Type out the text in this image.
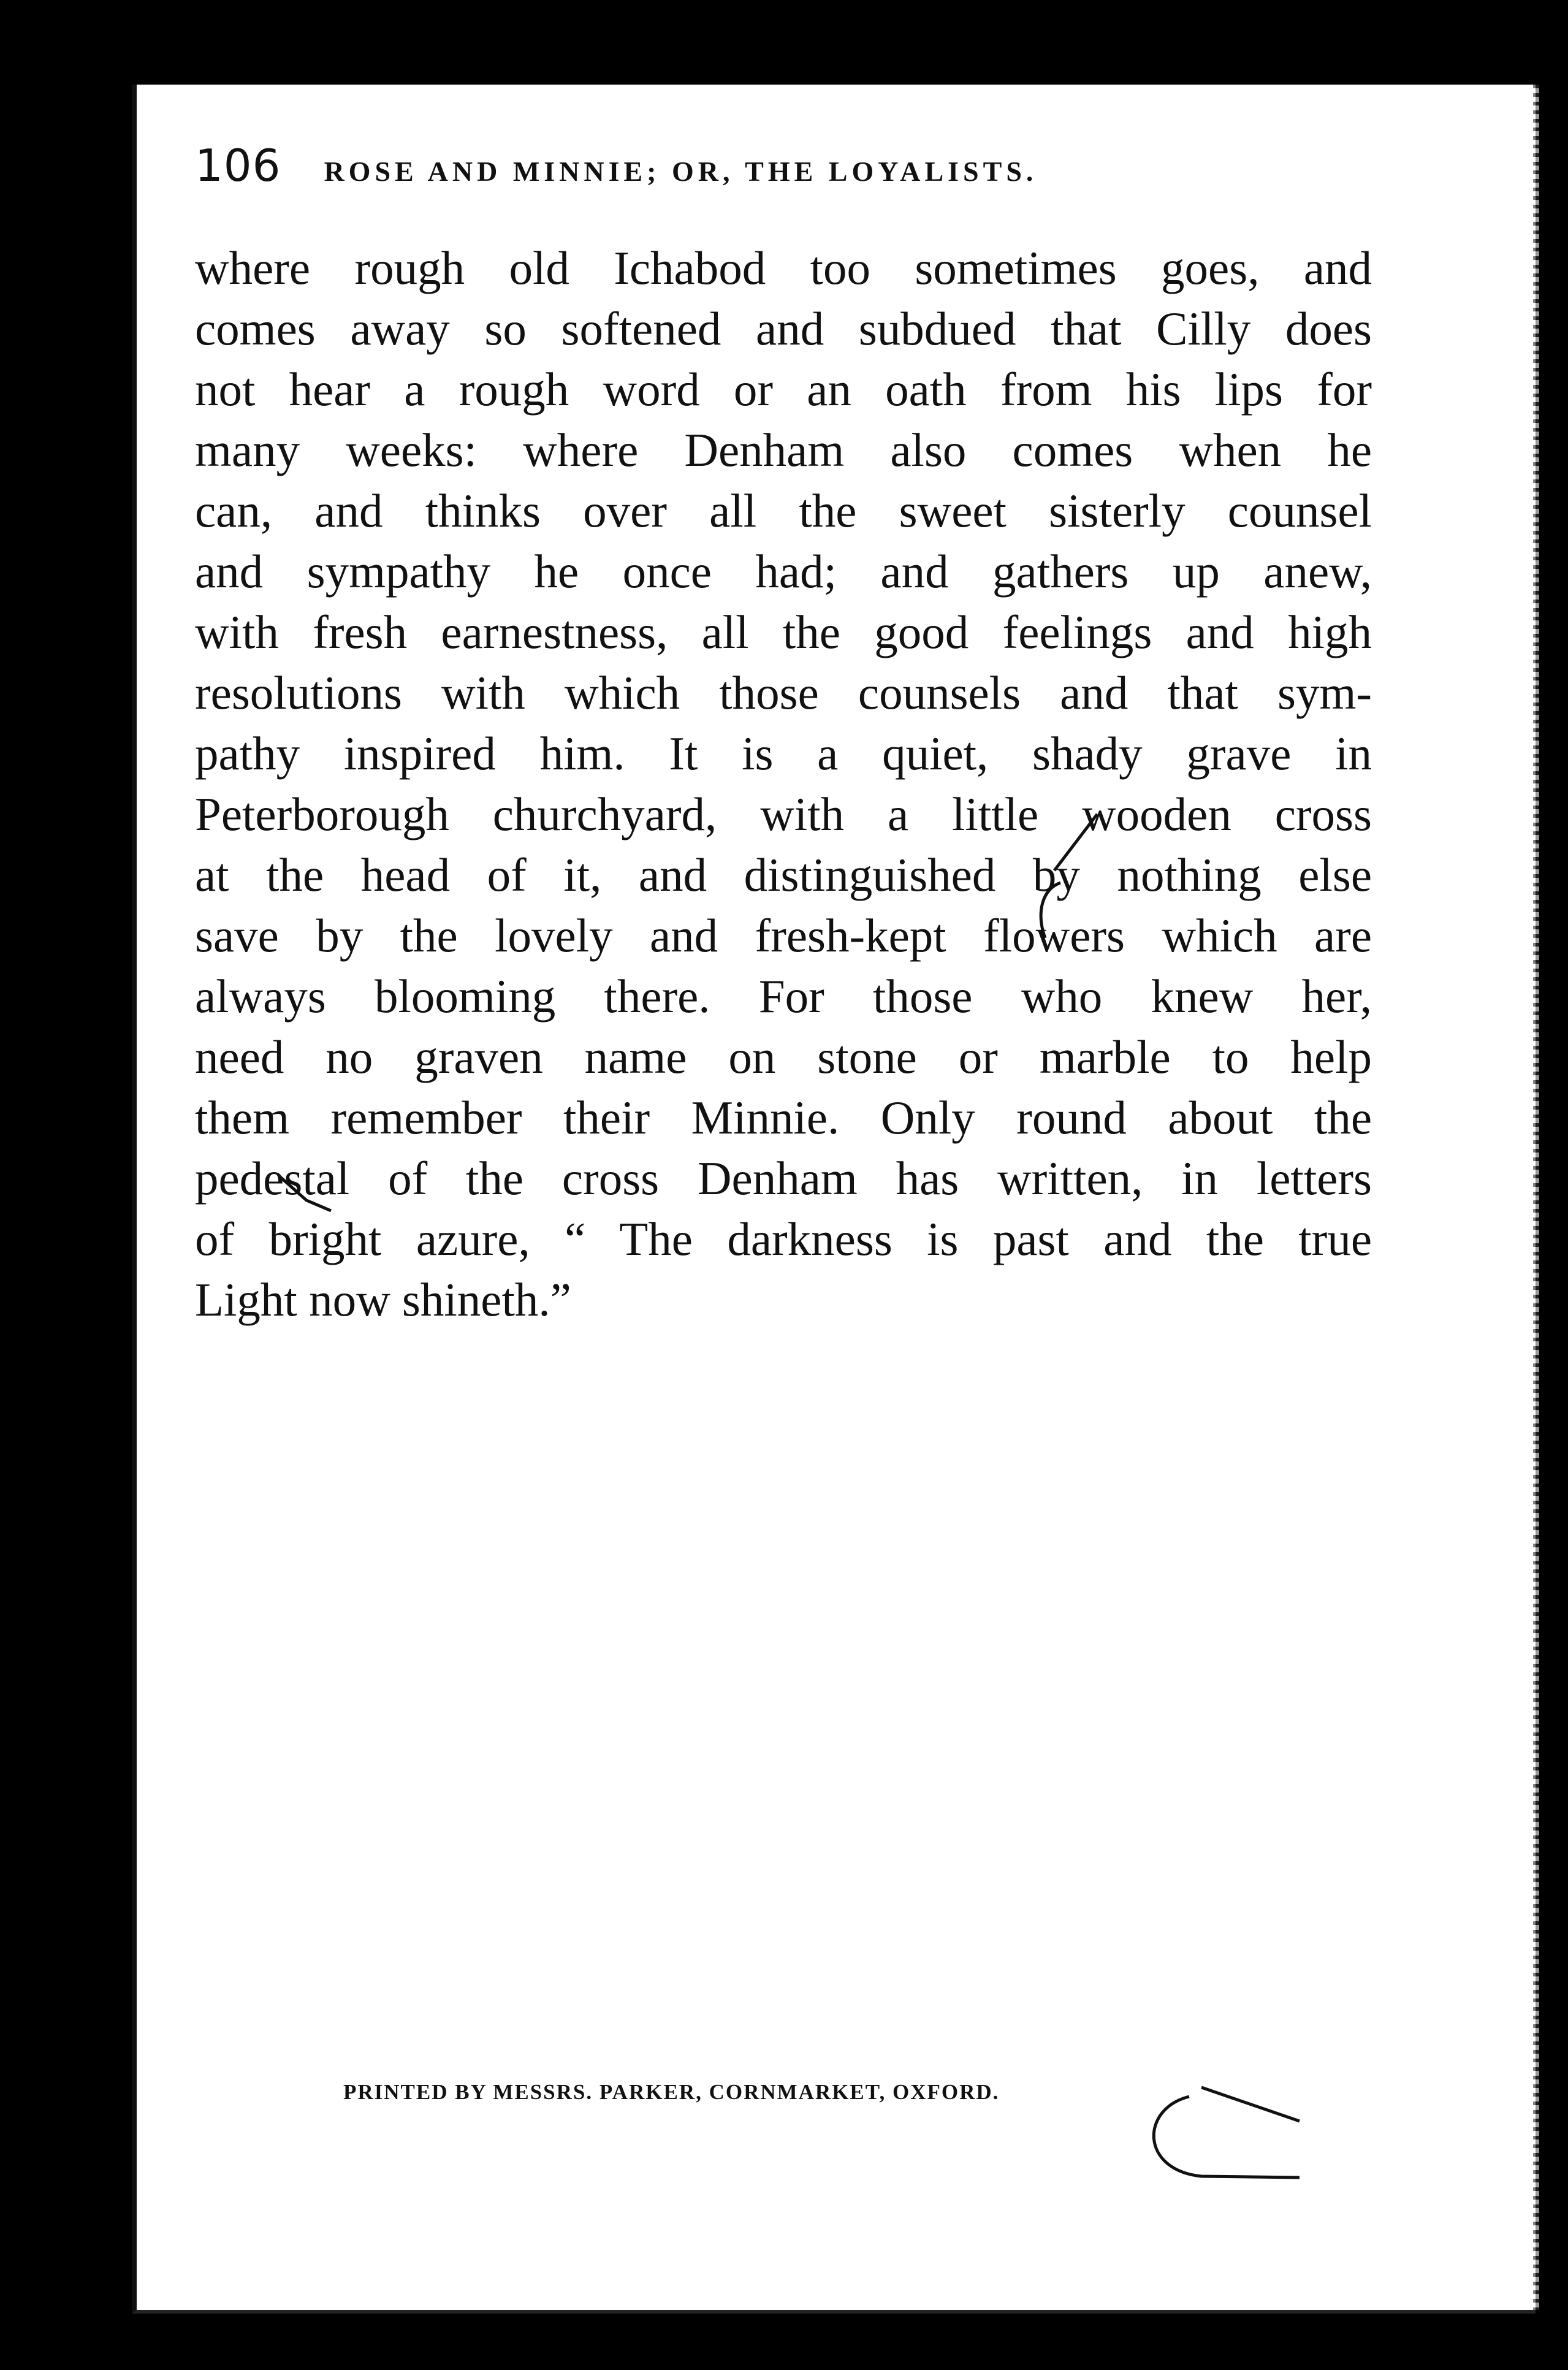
106 ROSE AND MINNIE; OR, THE LOYALISTS.
where rough old Ichabod too sometimes goes, and
comes away so softened and subdued that Cilly does
not hear a rough word or an oath from his lips for
many weeks: where Denham also comes when he
can, and thinks over all the sweet sisterly counsel
and sympathy he once had; and gathers up anew,
with fresh earnestness, all the good feelings and high
resolutions with which those counsels and that sym-
pathy inspired him. It is a quiet, shady grave in
Peterborough churchyard, with a little wooden cross
at the head of it, and distinguished by nothing else
save by the lovely and fresh-kept flowers which are
always blooming there. For those who knew her,
need no graven name on stone or marble to help
them remember their Minnie. Only round about the
pedestal of the cross Denham has written, in letters
of bright azure, “ The darkness is past and the true
Light now shineth.”
PRINTED BY MESSRS. PARKER, CORNMARKET, OXFORD.
